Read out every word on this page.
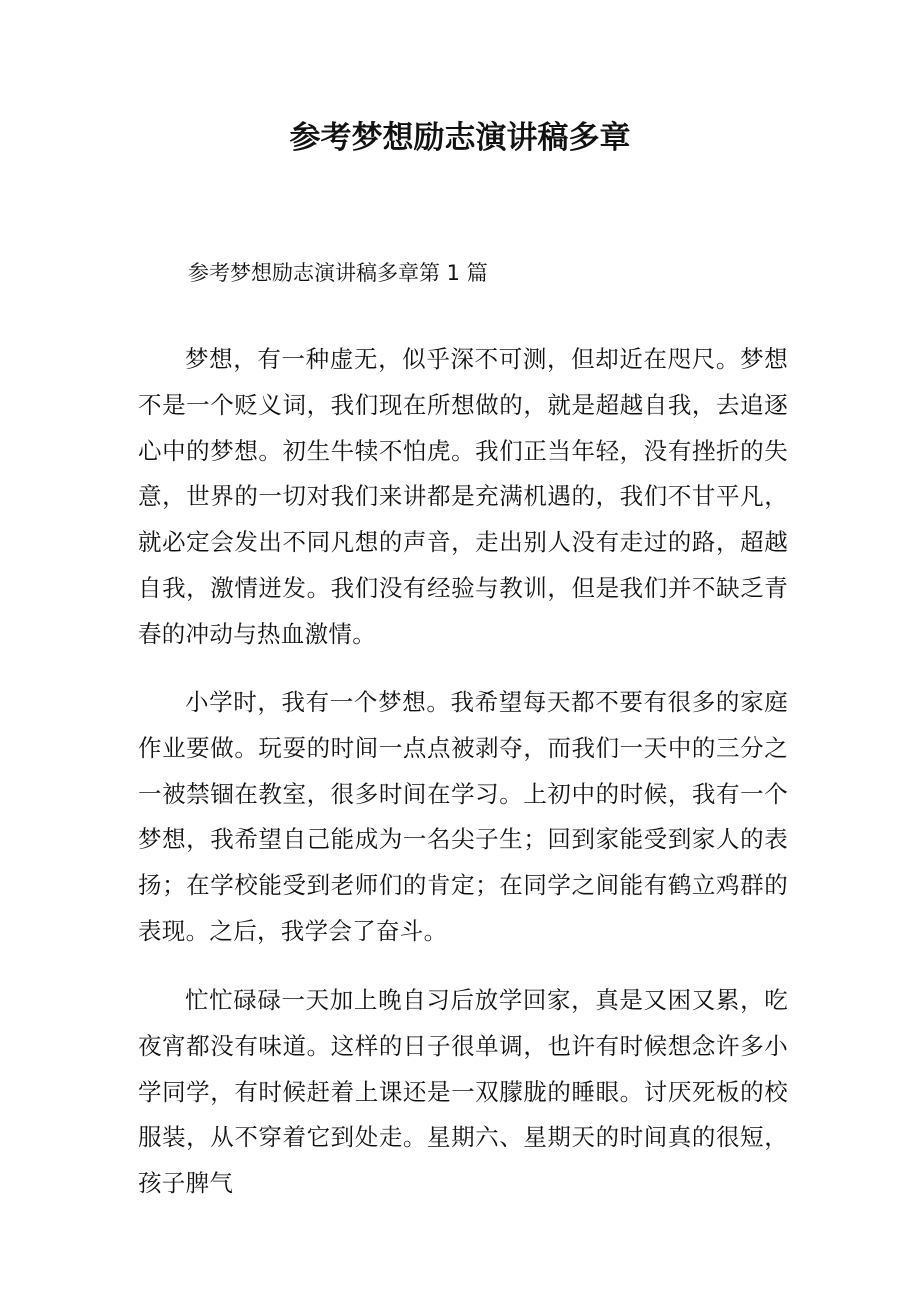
参考梦想励志演讲稿多章
参考梦想励志演讲稿多章第 1 篇

梦想，有一种虚无，似乎深不可测，但却近在咫尺。梦想不是一个贬义词，我们现在所想做的，就是超越自我，去追逐心中的梦想。初生牛犊不怕虎。我们正当年轻，没有挫折的失意，世界的一切对我们来讲都是充满机遇的，我们不甘平凡，就必定会发出不同凡想的声音，走出别人没有走过的路，超越自我，激情迸发。我们没有经验与教训，但是我们并不缺乏青春的冲动与热血激情。

小学时，我有一个梦想。我希望每天都不要有很多的家庭作业要做。玩耍的时间一点点被剥夺，而我们一天中的三分之一被禁锢在教室，很多时间在学习。上初中的时候，我有一个梦想，我希望自己能成为一名尖子生；回到家能受到家人的表扬；在学校能受到老师们的肯定；在同学之间能有鹤立鸡群的表现。之后，我学会了奋斗。

忙忙碌碌一天加上晚自习后放学回家，真是又困又累，吃夜宵都没有味道。这样的日子很单调，也许有时候想念许多小学同学，有时候赶着上课还是一双朦胧的睡眼。讨厌死板的校服装，从不穿着它到处走。星期六、星期天的时间真的很短，孩子脾气
